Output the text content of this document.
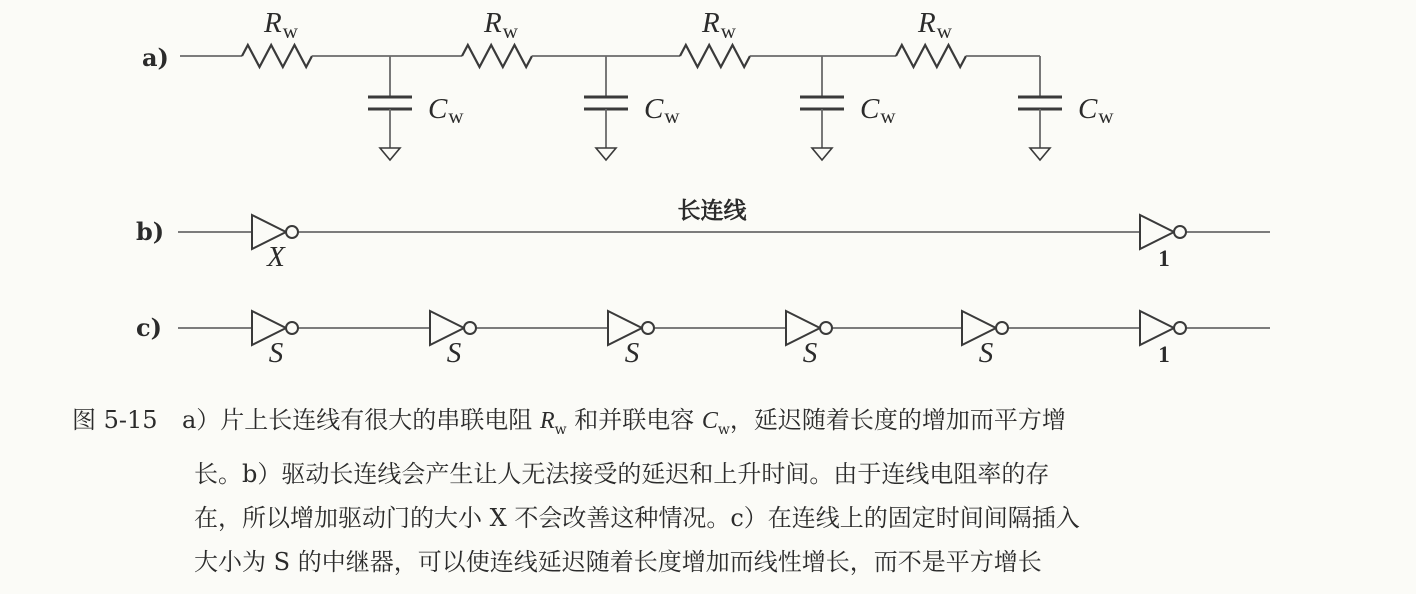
a)
b)
c)
$R_w$	$R_w$	$R_w$	$R_w$
Cw	Cw	Cw	Cw
长连线
X	1
S	S	S	S	S	1
图 5-15	a）片上长连线有很大的串联电阻 $R_w$ 和并联电容 $C_w$，延迟随着长度的增加而平方增
长。b）驱动长连线会产生让人无法接受的延迟和上升时间。由于连线电阻率的存
在，所以增加驱动门的大小 X 不会改善这种情况。c）在连线上的固定时间间隔插入
大小为 S 的中继器，可以使连线延迟随着长度增加而线性增长，而不是平方增长
